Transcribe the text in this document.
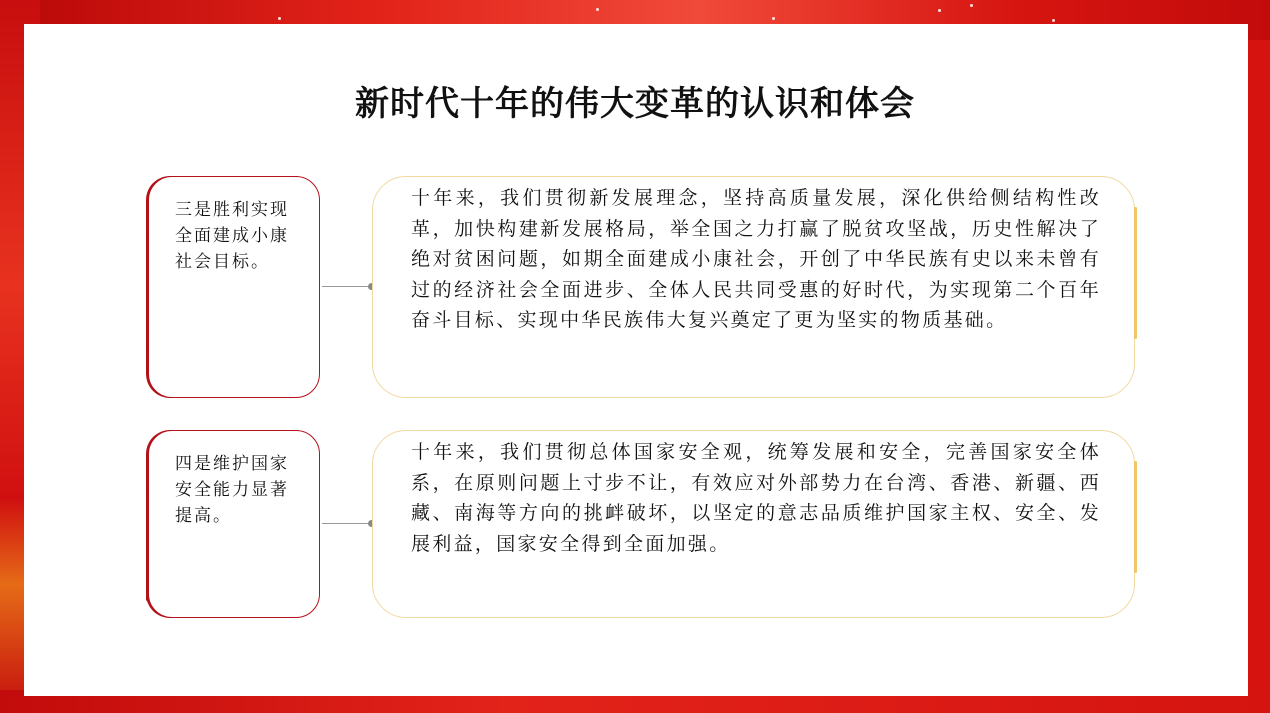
新时代十年的伟大变革的认识和体会

三是胜利实现全面建成小康社会目标。

十年来，我们贯彻新发展理念，坚持高质量发展，深化供给侧结构性改革，加快构建新发展格局，举全国之力打赢了脱贫攻坚战，历史性解决了绝对贫困问题，如期全面建成小康社会，开创了中华民族有史以来未曾有过的经济社会全面进步、全体人民共同受惠的好时代，为实现第二个百年奋斗目标、实现中华民族伟大复兴奠定了更为坚实的物质基础。

四是维护国家安全能力显著提高。

十年来，我们贯彻总体国家安全观，统筹发展和安全，完善国家安全体系，在原则问题上寸步不让，有效应对外部势力在台湾、香港、新疆、西藏、南海等方向的挑衅破坏，以坚定的意志品质维护国家主权、安全、发展利益，国家安全得到全面加强。
